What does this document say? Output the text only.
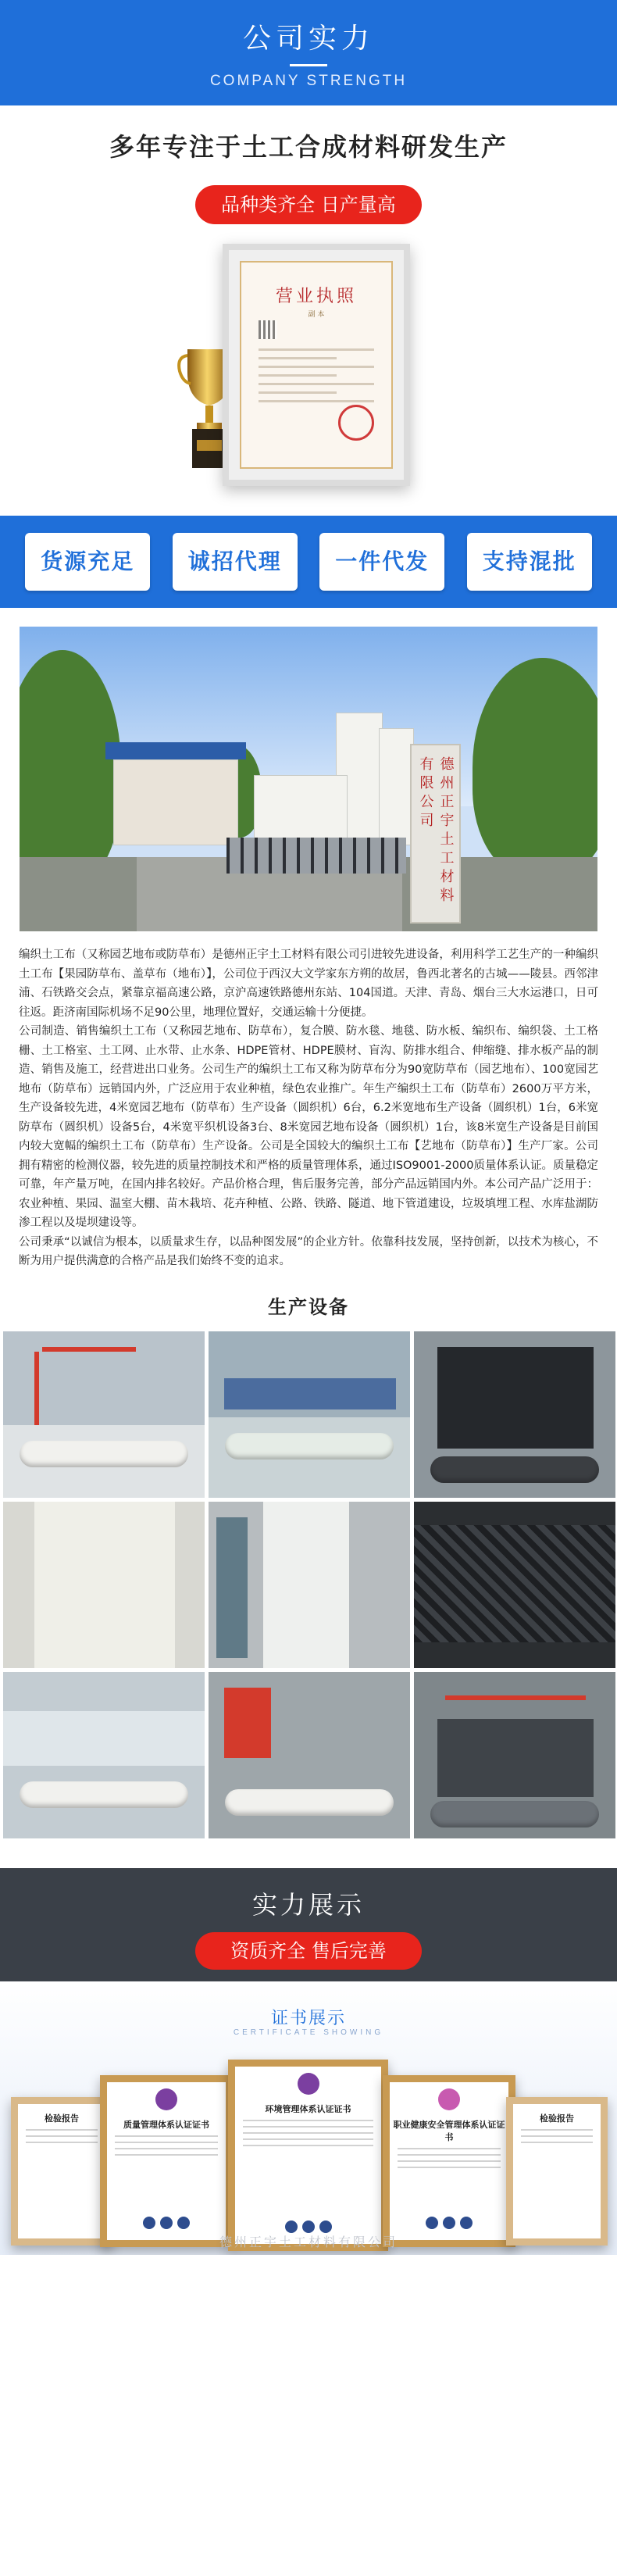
公司实力
COMPANY STRENGTH
多年专注于土工合成材料研发生产
品种类齐全 日产量高
营业执照
副 本
货源充足	诚招代理	一件代发	支持混批
德州正宇土工材料有限公司

编织土工布（又称园艺地布或防草布）是德州正宇土工材料有限公司引进较先进设备，利用科学工艺生产的一种编织土工布【果园防草布、盖草布（地布）】，公司位于西汉大文学家东方朔的故居，鲁西北著名的古城——陵县。西邻津浦、石铁路交会点，紧靠京福高速公路，京沪高速铁路德州东站、104国道。天津、青岛、烟台三大水运港口，日可往返。距济南国际机场不足90公里，地理位置好，交通运输十分便捷。

公司制造、销售编织土工布（又称园艺地布、防草布），复合膜、防水毯、地毯、防水板、编织布、编织袋、土工格栅、土工格室、土工网、止水带、止水条、HDPE管材、HDPE膜材、盲沟、防排水组合、伸缩缝、排水板产品的制造、销售及施工，经营进出口业务。公司生产的编织土工布又称为防草布分为90宽防草布（园艺地布）、100宽园艺地布（防草布）远销国内外，广泛应用于农业种植，绿色农业推广。年生产编织土工布（防草布）2600万平方米，生产设备较先进，4米宽园艺地布（防草布）生产设备（圆织机）6台，6.2米宽地布生产设备（圆织机）1台，6米宽防草布（圆织机）设备5台，4米宽平织机设备3台、8米宽园艺地布设备（圆织机）1台，该8米宽生产设备是目前国内较大宽幅的编织土工布（防草布）生产设备。公司是全国较大的编织土工布【艺地布（防草布）】生产厂家。公司拥有精密的检测仪器，较先进的质量控制技术和严格的质量管理体系，通过ISO9001-2000质量体系认证。质量稳定可靠，年产量万吨，在国内排名较好。产品价格合理，售后服务完善，部分产品远销国内外。本公司产品广泛用于：农业种植、果园、温室大棚、苗木栽培、花卉种植、公路、铁路、隧道、地下管道建设，垃圾填埋工程、水库盐湖防渗工程以及堤坝建设等。

公司秉承“以诚信为根本，以质量求生存，以品种图发展”的企业方针。依靠科技发展，坚持创新，以技术为核心，不断为用户提供满意的合格产品是我们始终不变的追求。

生产设备
实力展示
资质齐全 售后完善
证书展示
CERTIFICATE SHOWING
检验报告
质量管理体系认证证书
环境管理体系认证证书
职业健康安全管理体系认证证书
检验报告
德州正宇土工材料有限公司
